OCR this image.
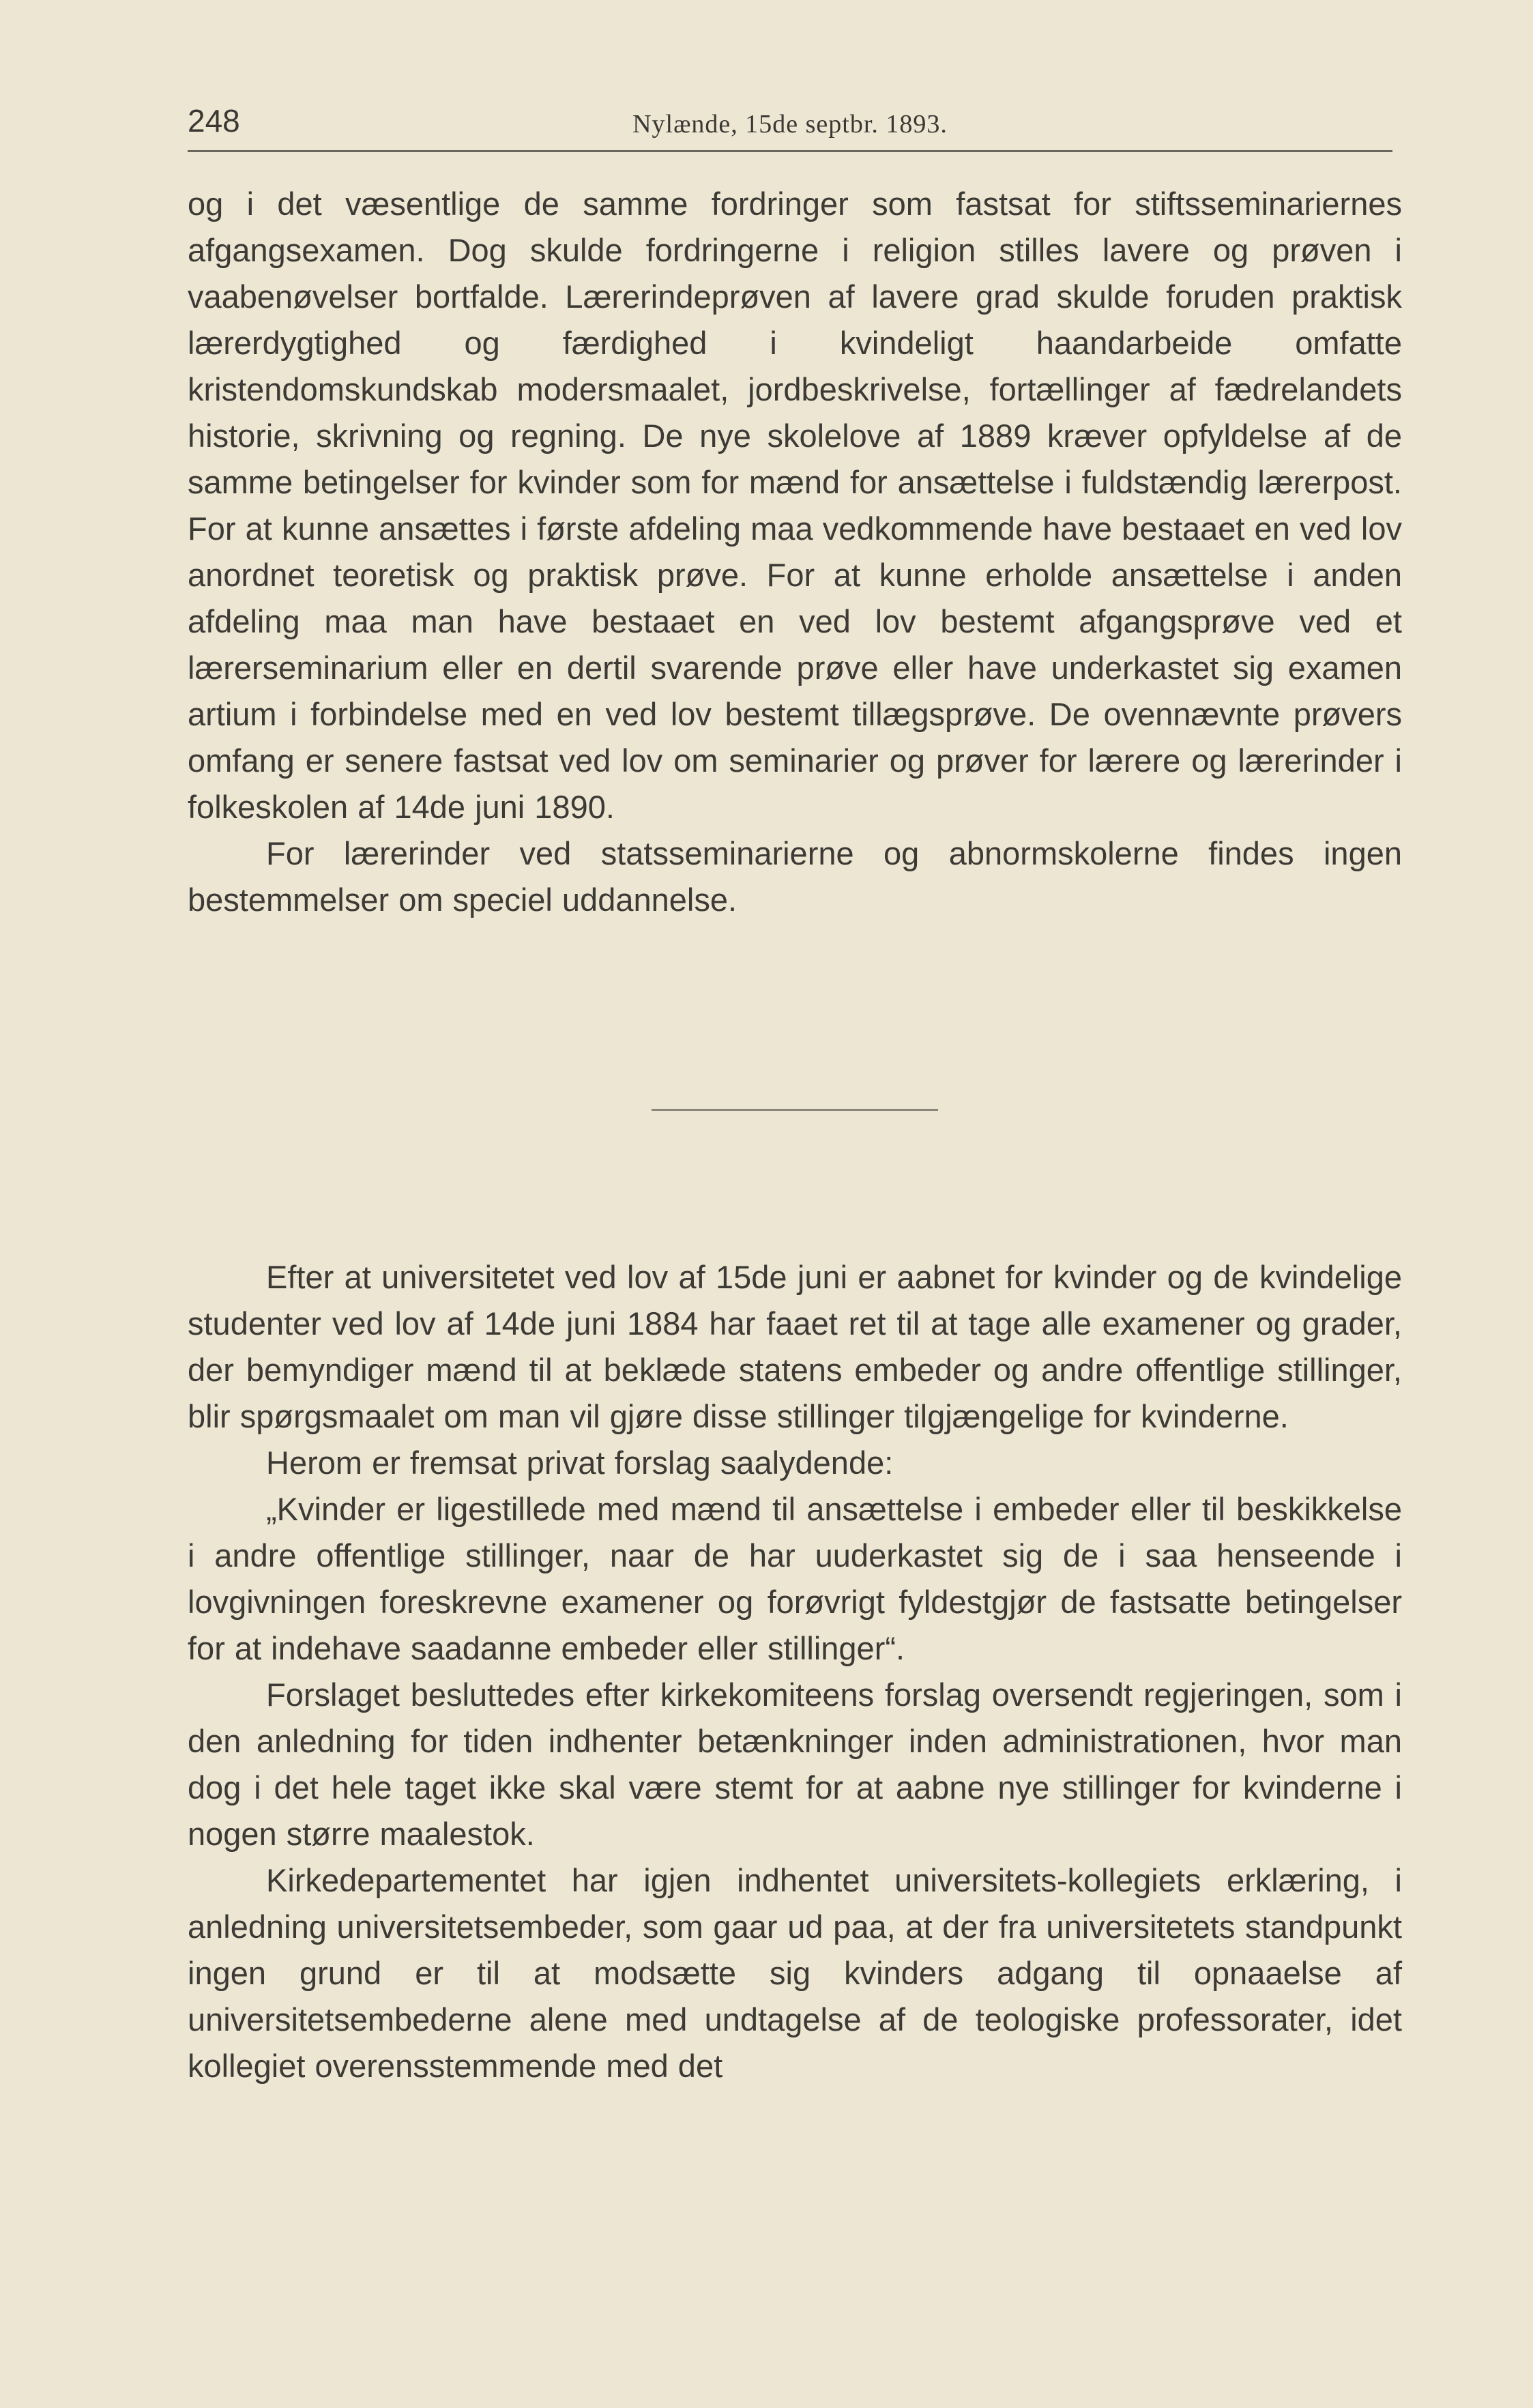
248	Nylænde, 15de septbr. 1893.

og i det væsentlige de samme fordringer som fastsat for stiftsseminariernes afgangsexamen. Dog skulde fordringerne i religion stilles lavere og prøven i vaabenøvelser bortfalde. Lærerindeprøven af lavere grad skulde foruden praktisk lærerdygtighed og færdighed i kvindeligt haandarbeide omfatte kristendomskundskab modersmaalet, jordbeskrivelse, fortællinger af fædrelandets historie, skrivning og regning. De nye skolelove af 1889 kræver opfyldelse af de samme betingelser for kvinder som for mænd for ansættelse i fuldstændig lærerpost. For at kunne ansættes i første afdeling maa vedkommende have bestaaet en ved lov anordnet teoretisk og praktisk prøve. For at kunne erholde ansættelse i anden afdeling maa man have bestaaet en ved lov bestemt afgangsprøve ved et lærerseminarium eller en dertil svarende prøve eller have underkastet sig examen artium i forbindelse med en ved lov bestemt tillægsprøve. De ovennævnte prøvers omfang er senere fastsat ved lov om seminarier og prøver for lærere og lærerinder i folkeskolen af 14de juni 1890.

For lærerinder ved statsseminarierne og abnormskolerne findes ingen bestemmelser om speciel uddannelse.

Efter at universitetet ved lov af 15de juni er aabnet for kvinder og de kvindelige studenter ved lov af 14de juni 1884 har faaet ret til at tage alle examener og grader, der bemyndiger mænd til at beklæde statens embeder og andre offentlige stillinger, blir spørgsmaalet om man vil gjøre disse stillinger tilgjængelige for kvinderne.

Herom er fremsat privat forslag saalydende:

„Kvinder er ligestillede med mænd til ansættelse i embeder eller til beskikkelse i andre offentlige stillinger, naar de har uuderkastet sig de i saa henseende i lovgivningen foreskrevne examener og forøvrigt fyldestgjør de fastsatte betingelser for at indehave saadanne embeder eller stillinger“.

Forslaget besluttedes efter kirkekomiteens forslag oversendt regjeringen, som i den anledning for tiden indhenter betænkninger inden administrationen, hvor man dog i det hele taget ikke skal være stemt for at aabne nye stillinger for kvinderne i nogen større maalestok.

Kirkedepartementet har igjen indhentet universitets-kollegiets erklæring, i anledning universitetsembeder, som gaar ud paa, at der fra universitetets standpunkt ingen grund er til at modsætte sig kvinders adgang til opnaaelse af universitetsembederne alene med undtagelse af de teologiske professorater, idet kollegiet overensstemmende med det
